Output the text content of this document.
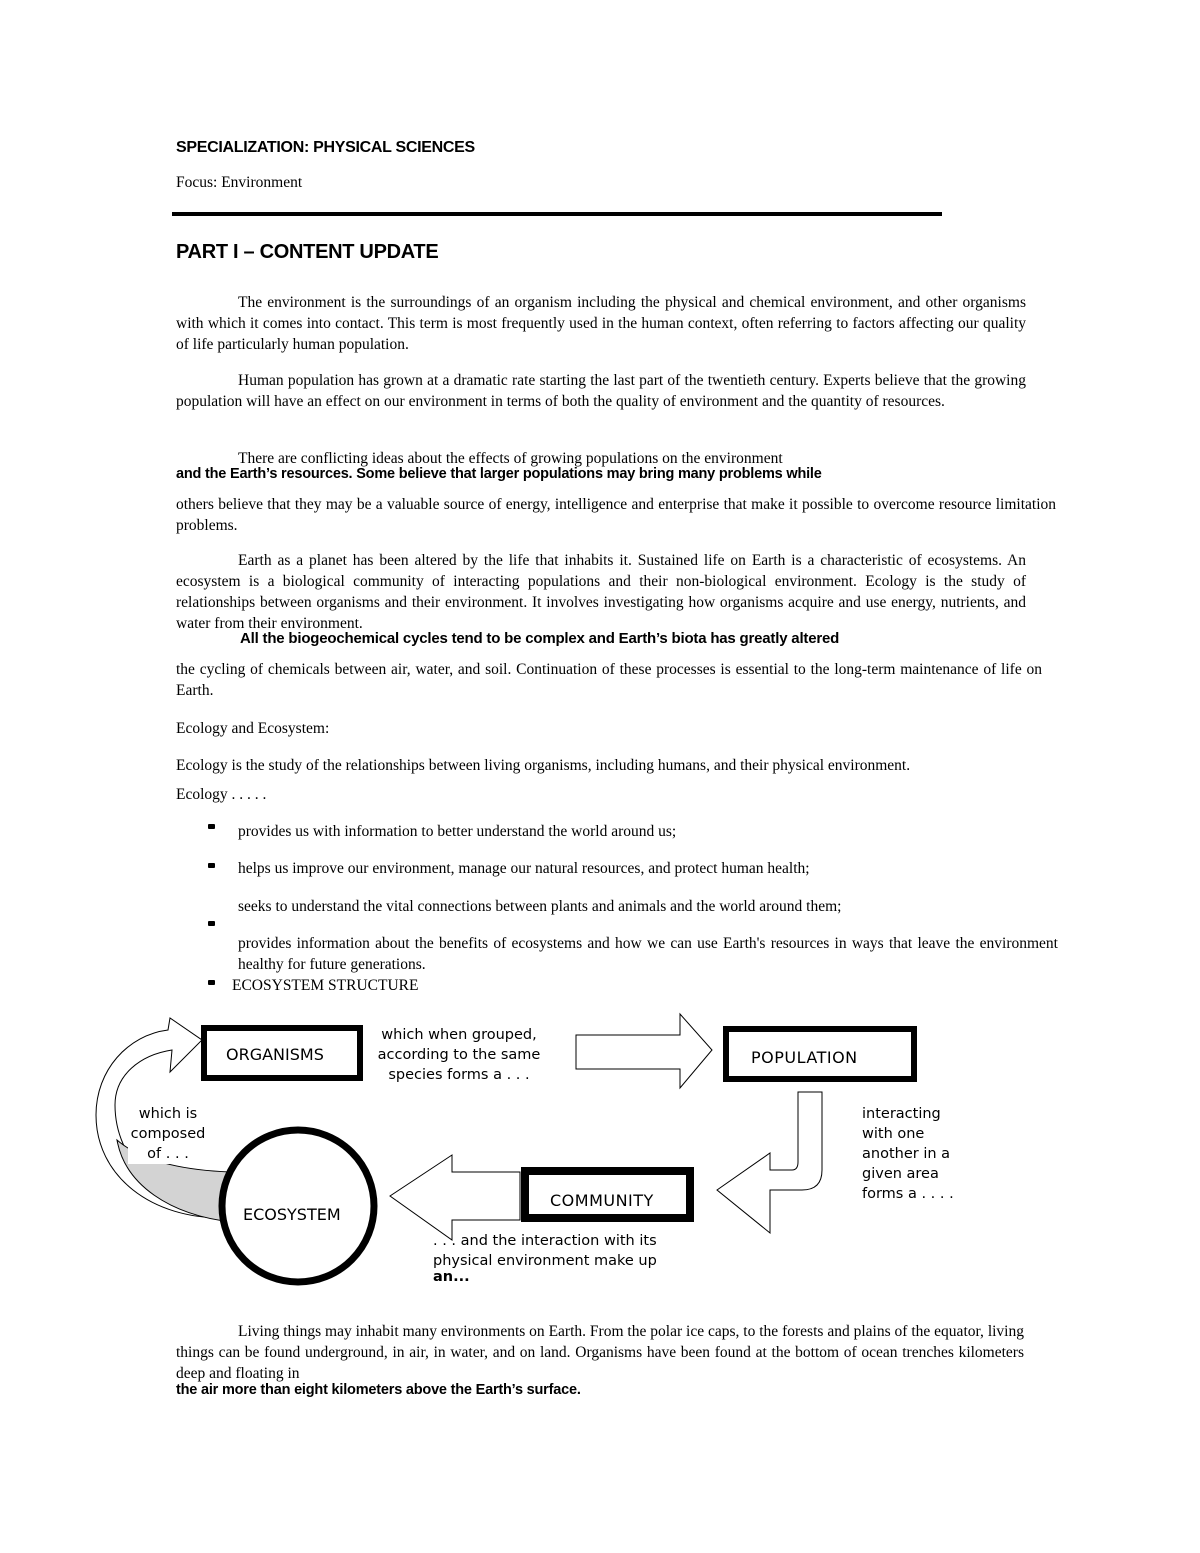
SPECIALIZATION: PHYSICAL SCIENCES
Focus: Environment
PART I – CONTENT UPDATE
The environment is the surroundings of an organism including the physical and chemical environment, and other organisms with which it comes into contact. This term is most frequently used in the human context, often referring to factors affecting our quality of life particularly human population.
Human population has grown at a dramatic rate starting the last part of the twentieth century. Experts believe that the growing population will have an effect on our environment in terms of both the quality of environment and the quantity of resources.
There are conflicting ideas about the effects of growing populations on the environment
and the Earth’s resources. Some believe that larger populations may bring many problems while
others believe that they may be a valuable source of energy, intelligence and enterprise that make it possible to overcome resource limitation problems.
Earth as a planet has been altered by the life that inhabits it. Sustained life on Earth is a characteristic of ecosystems. An ecosystem is a biological community of interacting populations and their non-biological environment. Ecology is the study of relationships between organisms and their environment. It involves investigating how organisms acquire and use energy, nutrients, and water from their environment.
All the biogeochemical cycles tend to be complex and Earth’s biota has greatly altered
the cycling of chemicals between air, water, and soil. Continuation of these processes is essential to the long-term maintenance of life on Earth.
Ecology and Ecosystem:
Ecology is the study of the relationships between living organisms, including humans, and their physical environment.
Ecology . . . . .
provides us with information to better understand the world around us;
helps us improve our environment, manage our natural resources, and protect human health;
seeks to understand the vital connections between plants and animals and the world around them;
provides information about the benefits of ecosystems and how we can use Earth's resources in ways that leave the environment healthy for future generations.
ECOSYSTEM STRUCTURE
ORGANISMS	POPULATION
COMMUNITY
ECOSYSTEM
which when grouped,
according to the same
species forms a . . .
interacting
with one
another in a
given area
forms a . . . .
. . . and the interaction with its
physical environment make up
an...
which is
composed
of . . .
Living things may inhabit many environments on Earth. From the polar ice caps, to the forests and plains of the equator, living things can be found underground, in air, in water, and on land. Organisms have been found at the bottom of ocean trenches kilometers deep and floating in
the air more than eight kilometers above the Earth’s surface.
